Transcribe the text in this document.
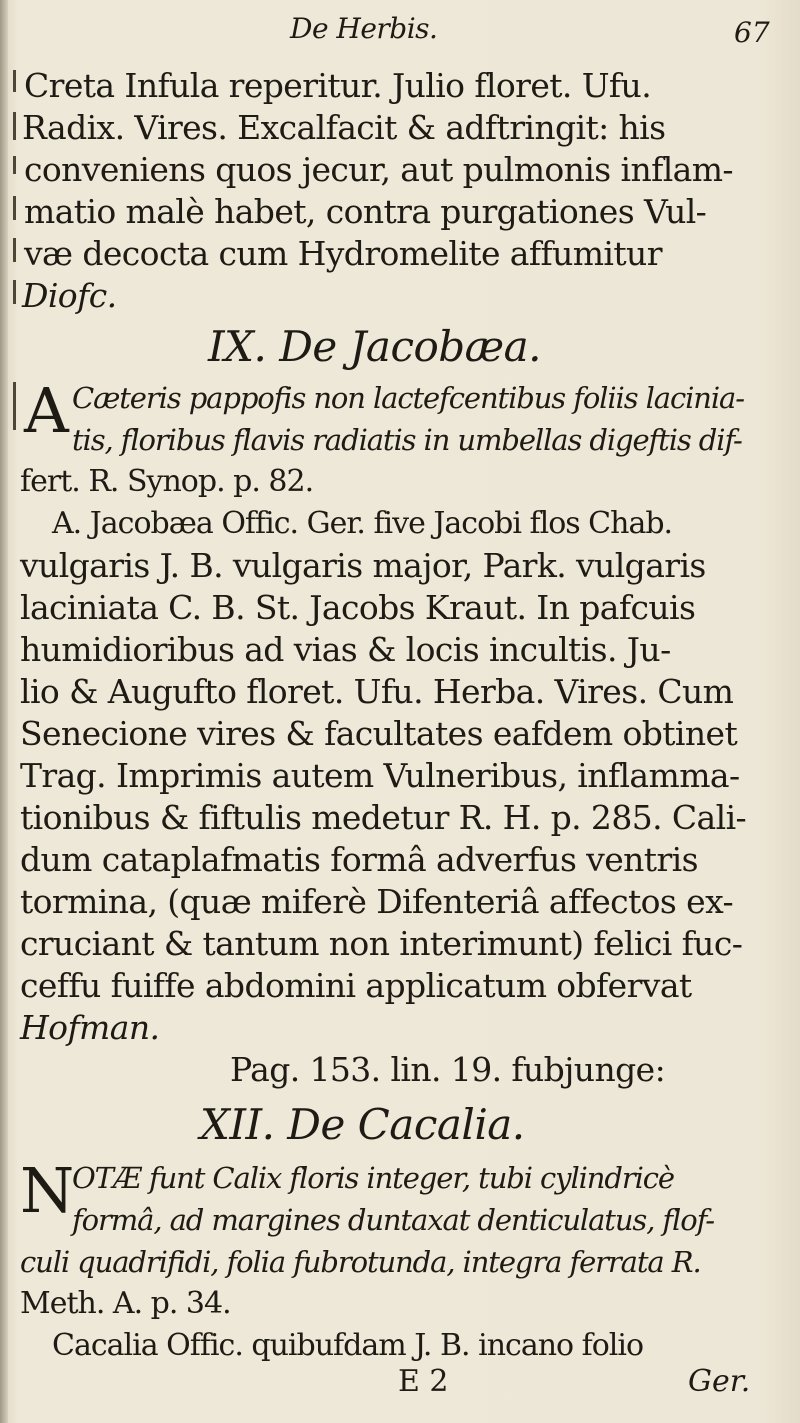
De Herbis.	67
Creta Infula reperitur. Julio floret. Ufu.
Radix. Vires. Excalfacit & adftringit: his
conveniens quos jecur, aut pulmonis inflam-
matio malè habet, contra purgationes Vul-
væ decocta cum Hydromelite affumitur
Diofc.
IX. De Jacobæa.
A Cæteris pappofis non lactefcentibus foliis lacinia-
tis, floribus flavis radiatis in umbellas digeftis dif-
fert. R. Synop. p. 82.
A. Jacobæa Offic. Ger. five Jacobi flos Chab.
vulgaris J. B. vulgaris major, Park. vulgaris
laciniata C. B. St. Jacobs Kraut. In pafcuis
humidioribus ad vias & locis incultis. Ju-
lio & Augufto floret. Ufu. Herba. Vires. Cum
Senecione vires & facultates eafdem obtinet
Trag. Imprimis autem Vulneribus, inflamma-
tionibus & fiftulis medetur R. H. p. 285. Cali-
dum cataplafmatis formâ adverfus ventris
tormina, (quæ miferè Difenteriâ affectos ex-
cruciant & tantum non interimunt) felici fuc-
ceffu fuiffe abdomini applicatum obfervat
Hofman.
Pag. 153. lin. 19. fubjunge:
XII. De Cacalia.
N
OTÆ funt Calix floris integer, tubi cylindricè
formâ, ad margines duntaxat denticulatus, flof-
culi quadrifidi, folia fubrotunda, integra ferrata R.
Meth. A. p. 34.
Cacalia Offic. quibufdam J. B. incano folio
E 2	Ger.
